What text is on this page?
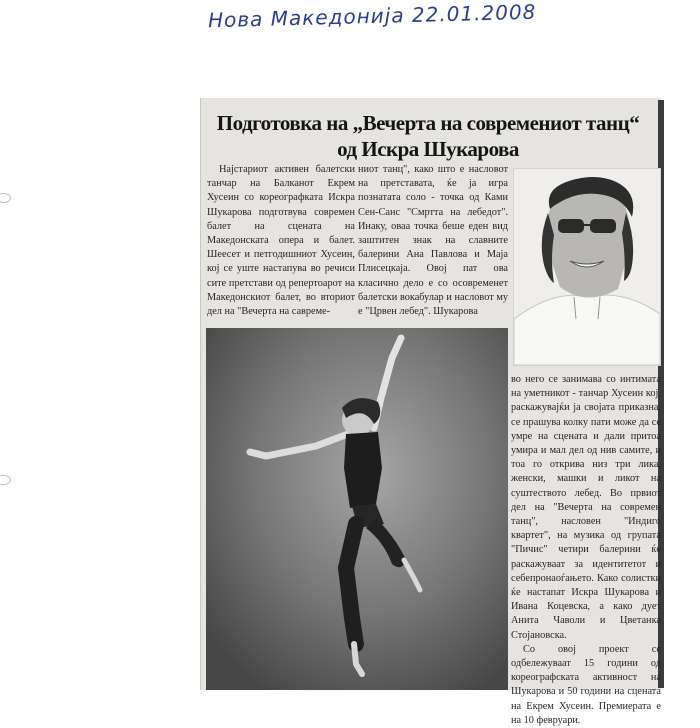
Нова Македонија 22.01.2008
Подготовка на „Вечерта на современиот танц“
од Искра Шукарова

Најстариот активен балетски танчар на Балканот Екрем Хусеин со кореографката Искра Шукарова подготвува современ балет на сцената на Македонската опера и балет. Шеесет и петгодишниот Хусеин, кој се уште настапува во речиси сите претстави од репертоарот на Македонскиот балет, во вториот дел на "Вечерта на савреме-

ниот танц", како што е насловот на претставата, ќе ја игра познатата соло - точка од Ками Сен-Санс "Смртта на лебедот". Инаку, оваа точка беше еден вид заштитен знак на славните балерини Ана Павлова и Маја Плисецкаја. Овој пат ова класично дело е со осовременет балетски вокабулар и насловот му е "Црвен лебед". Шукарова

во него се занимава со интимата на уметникот - танчар Хусеин кој, раскажувајќи ја својата приказна, се прашува колку пати може да се умре на сцената и дали притоа умира и мал дел од нив самите, и тоа го открива низ три лика, женски, машки и ликот на суштеството лебед. Во првиот дел на "Вечерта на современ танц", насловен "Индиго квартет", на музика од групата "Пичис" четири балерини ќе раскажуваат за идентитетот и себепронаоѓањето. Како солистки ќе настапат Искра Шукарова и Ивана Коцевска, а како дует Анита Чаволи и Цветанка Стојановска.

Со овој проект се одбележуваат 15 години од кореографската активност на Шукарова и 50 години на сцената на Екрем Хусеин. Премиерата е на 10 февруари.
